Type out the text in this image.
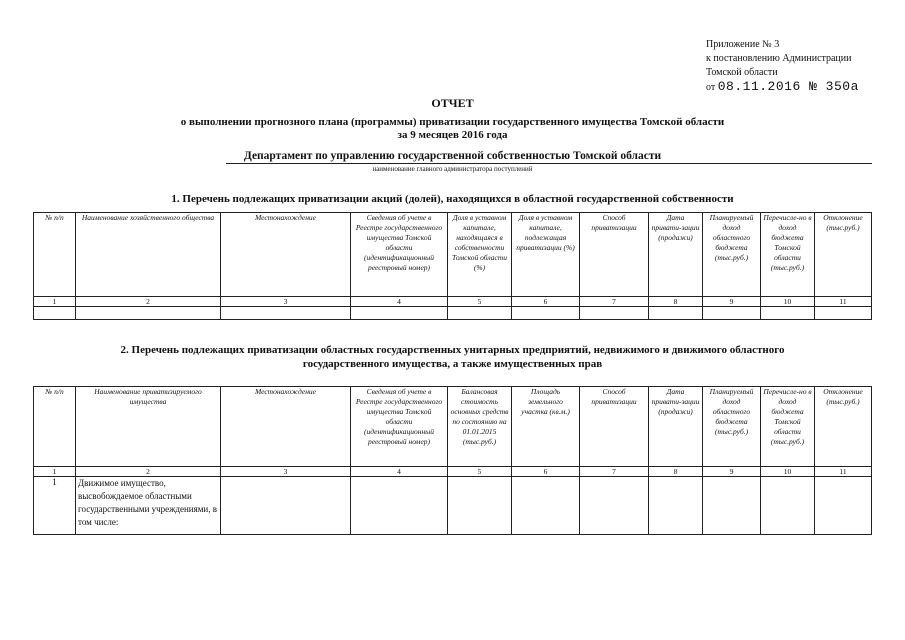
Приложение № 3
к постановлению Администрации
Томской области
от 08.11.2016 № 350а
ОТЧЕТ
о выполнении прогнозного плана (программы) приватизации государственного имущества Томской области
за 9 месяцев 2016 года
Департамент по управлению государственной собственностью Томской области
наименование главного администратора поступлений
1. Перечень подлежащих приватизации акций (долей), находящихся в областной государственной собственности
№ п/п	Наименование хозяйственного общества	Местонахождение	Сведения об учете в Реестре государственного имущества Томской области (идентификационный реестровый номер)	Доля в уставном капитале, находящаяся в собственности Томской области (%)	Доля в уставном капитале, подлежащая приватизации (%)	Способ приватизации	Дата привати-зации (продажи)	Планируемый доход областного бюджета (тыс.руб.)	Перечисле-но в доход бюджета Томской области (тыс.руб.)	Отклонение (тыс.руб.)
1	2	3	4	5	6	7	8	9	10	11

2. Перечень подлежащих приватизации областных государственных унитарных предприятий, недвижимого и движимого областного
государственного имущества, а также имущественных прав
№ п/п	Наименование приватизируемого имущества	Местонахождение	Сведения об учете в Реестре государственного имущества Томской области (идентификационный реестровый номер)	Балансовая стоимость основных средств по состоянию на 01.01.2015 (тыс.руб.)	Площадь земельного участка (кв.м.)	Способ приватизации	Дата привати-зации (продажи)	Планируемый доход областного бюджета (тыс.руб.)	Перечисле-но в доход бюджета Томской области (тыс.руб.)	Отклонение (тыс.руб.)
1	2	3	4	5	6	7	8	9	10	11
1	Движимое имущество, высвобождаемое областными государственными учреждениями, в том числе:									
